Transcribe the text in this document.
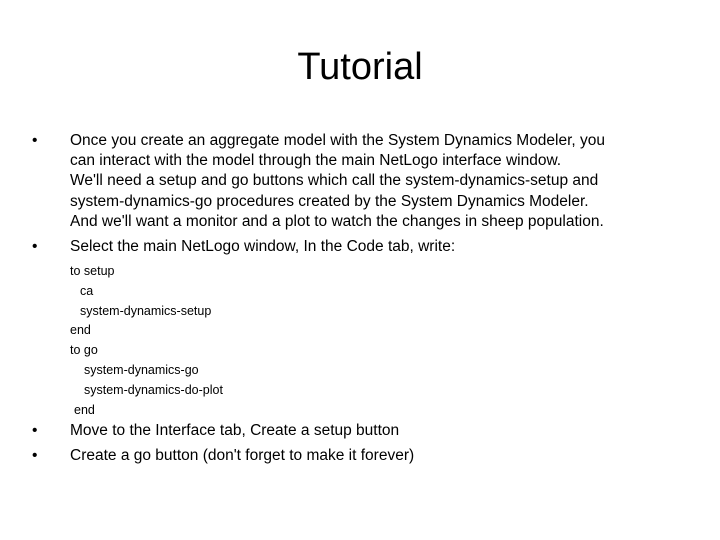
Tutorial
•	Once you create an aggregate model with the System Dynamics Modeler, you
can interact with the model through the main NetLogo interface window.
We'll need a setup and go buttons which call the system-dynamics-setup and
system-dynamics-go procedures created by the System Dynamics Modeler.
And we'll want a monitor and a plot to watch the changes in sheep population.
•	Select the main NetLogo window, In the Code tab, write:
to setup
ca
system-dynamics-setup
end
to go
system-dynamics-go
system-dynamics-do-plot
end
•	Move to the Interface tab, Create a setup button
•	Create a go button (don't forget to make it forever)
